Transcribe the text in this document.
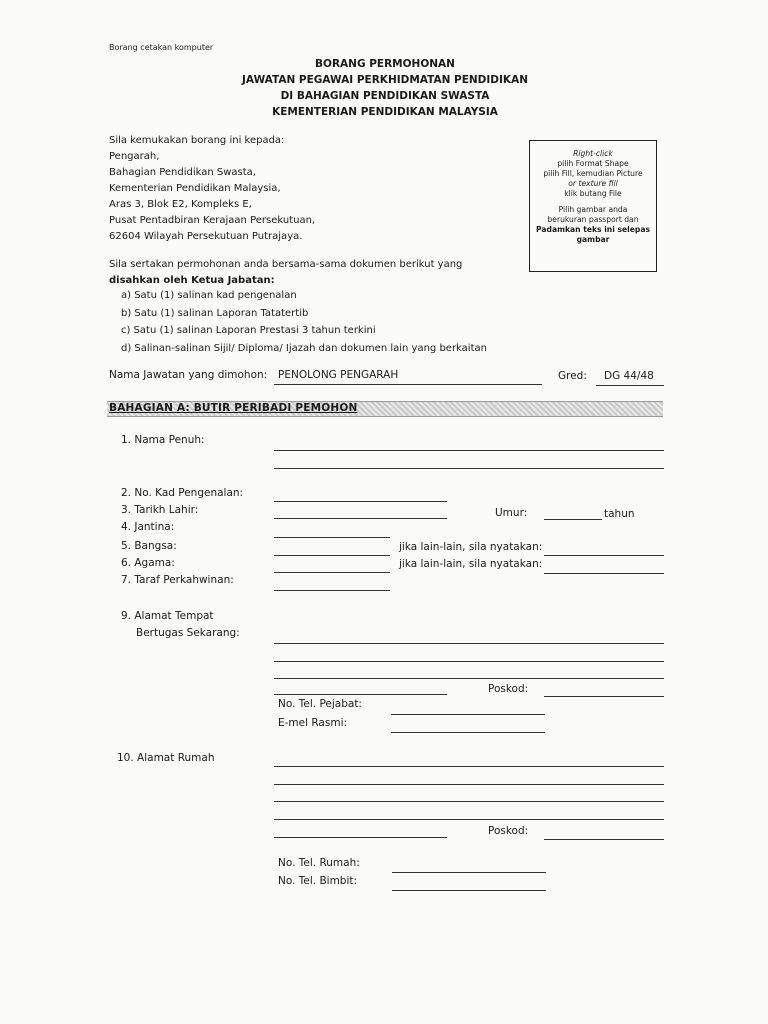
Borang cetakan komputer
BORANG PERMOHONAN
JAWATAN PEGAWAI PERKHIDMATAN PENDIDIKAN
DI BAHAGIAN PENDIDIKAN SWASTA
KEMENTERIAN PENDIDIKAN MALAYSIA
Sila kemukakan borang ini kepada:
Pengarah,
Bahagian Pendidikan Swasta,
Kementerian Pendidikan Malaysia,
Aras 3, Blok E2, Kompleks E,
Pusat Pentadbiran Kerajaan Persekutuan,
62604 Wilayah Persekutuan Putrajaya.
Right-click
pilih Format Shape
pilih Fill, kemudian Picture
or texture fill
klik butang File
Pilih gambar anda
berukuran passport dan
Padamkan teks ini selepas
gambar
Sila sertakan permohonan anda bersama-sama dokumen berikut yang
disahkan oleh Ketua Jabatan:
a) Satu (1) salinan kad pengenalan
b) Satu (1) salinan Laporan Tatatertib
c) Satu (1) salinan Laporan Prestasi 3 tahun terkini
d) Salinan-salinan Sijil/ Diploma/ Ijazah dan dokumen lain yang berkaitan
Nama Jawatan yang dimohon: PENOLONG PENGARAH	Gred: DG 44/48
BAHAGIAN A: BUTIR PERIBADI PEMOHON
1. Nama Penuh:
2. No. Kad Pengenalan:
3. Tarikh Lahir:	Umur:	tahun
4. Jantina:
5. Bangsa:	jika lain-lain, sila nyatakan:
6. Agama:	jika lain-lain, sila nyatakan:
7. Taraf Perkahwinan:
9. Alamat Tempat
Bertugas Sekarang:
Poskod:
No. Tel. Pejabat:
E-mel Rasmi:
10. Alamat Rumah
Poskod:
No. Tel. Rumah:
No. Tel. Bimbit:
